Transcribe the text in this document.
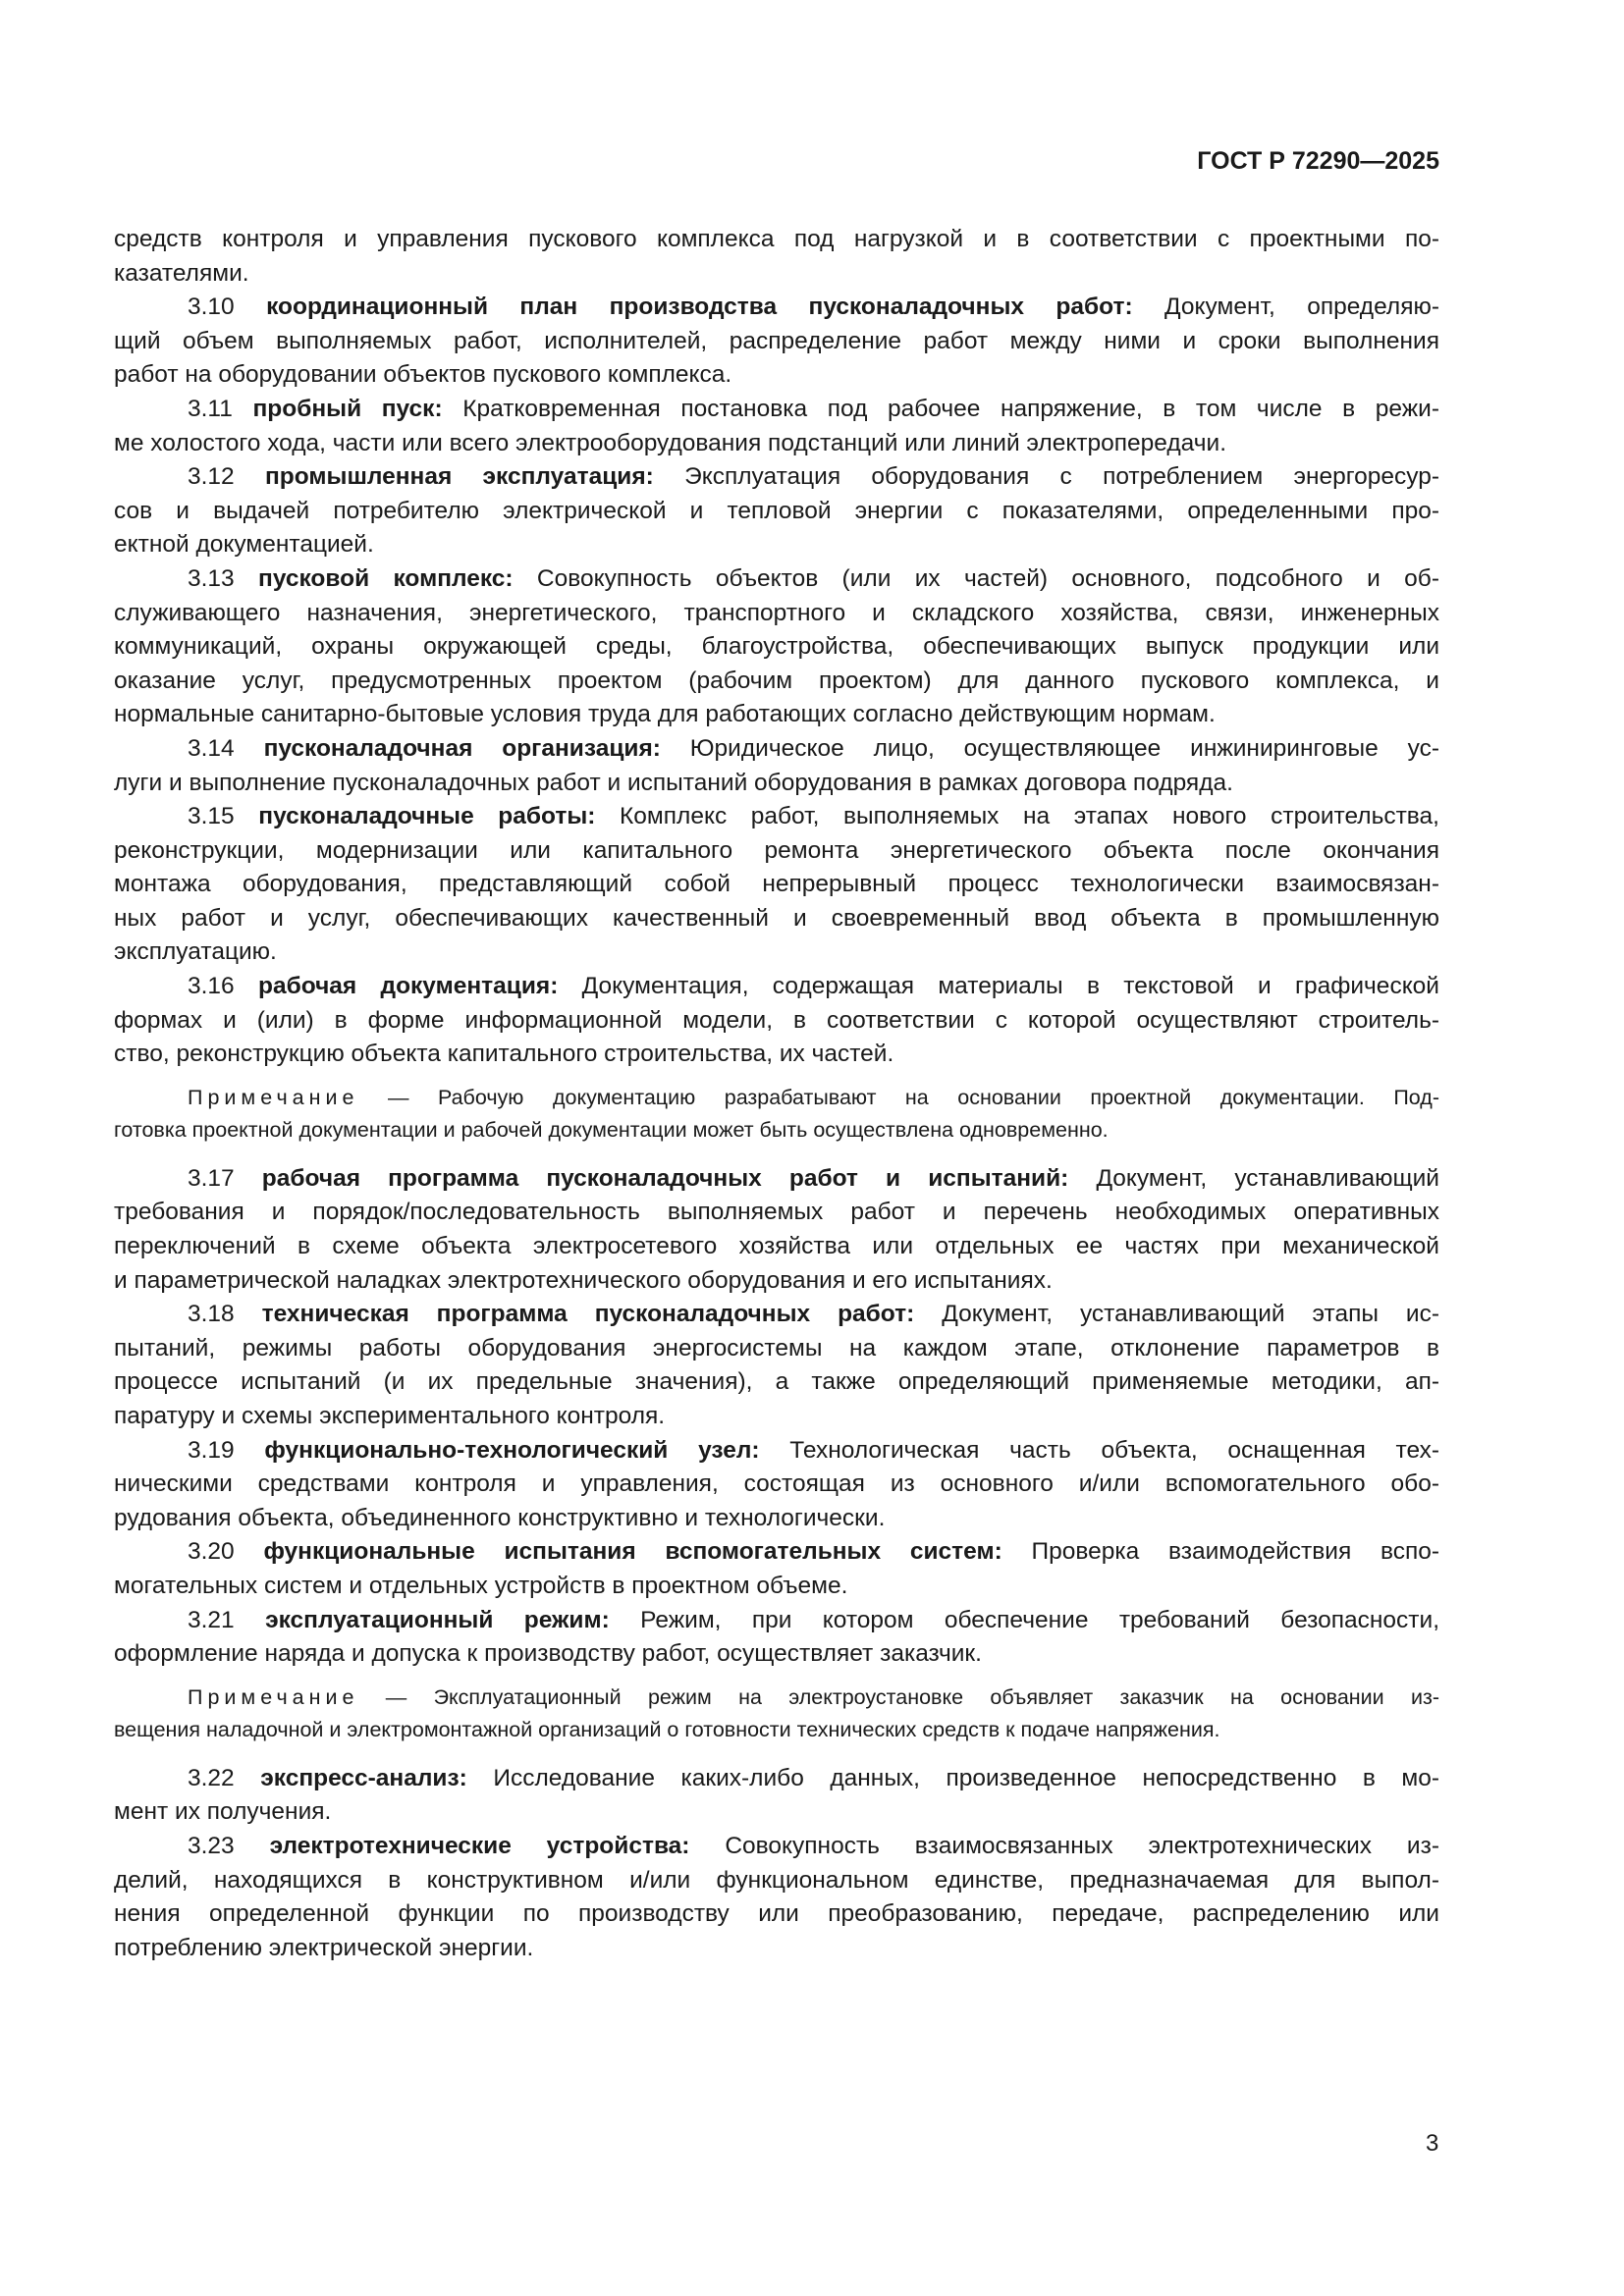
ГОСТ Р 72290—2025
средств контроля и управления пускового комплекса под нагрузкой и в соответствии с проектными по-
казателями.
3.10 координационный план производства пусконаладочных работ: Документ, определяю-
щий объем выполняемых работ, исполнителей, распределение работ между ними и сроки выполнения
работ на оборудовании объектов пускового комплекса.
3.11 пробный пуск: Кратковременная постановка под рабочее напряжение, в том числе в режи-
ме холостого хода, части или всего электрооборудования подстанций или линий электропередачи.
3.12 промышленная эксплуатация: Эксплуатация оборудования с потреблением энергоресур-
сов и выдачей потребителю электрической и тепловой энергии с показателями, определенными про-
ектной документацией.
3.13 пусковой комплекс: Совокупность объектов (или их частей) основного, подсобного и об-
служивающего назначения, энергетического, транспортного и складского хозяйства, связи, инженерных
коммуникаций, охраны окружающей среды, благоустройства, обеспечивающих выпуск продукции или
оказание услуг, предусмотренных проектом (рабочим проектом) для данного пускового комплекса, и
нормальные санитарно-бытовые условия труда для работающих согласно действующим нормам.
3.14 пусконаладочная организация: Юридическое лицо, осуществляющее инжиниринговые ус-
луги и выполнение пусконаладочных работ и испытаний оборудования в рамках договора подряда.
3.15 пусконаладочные работы: Комплекс работ, выполняемых на этапах нового строительства,
реконструкции, модернизации или капитального ремонта энергетического объекта после окончания
монтажа оборудования, представляющий собой непрерывный процесс технологически взаимосвязан-
ных работ и услуг, обеспечивающих качественный и своевременный ввод объекта в промышленную
эксплуатацию.
3.16 рабочая документация: Документация, содержащая материалы в текстовой и графической
формах и (или) в форме информационной модели, в соответствии с которой осуществляют строитель-
ство, реконструкцию объекта капитального строительства, их частей.
Примечание — Рабочую документацию разрабатывают на основании проектной документации. Под-
готовка проектной документации и рабочей документации может быть осуществлена одновременно.
3.17 рабочая программа пусконаладочных работ и испытаний: Документ, устанавливающий
требования и порядок/последовательность выполняемых работ и перечень необходимых оперативных
переключений в схеме объекта электросетевого хозяйства или отдельных ее частях при механической
и параметрической наладках электротехнического оборудования и его испытаниях.
3.18 техническая программа пусконаладочных работ: Документ, устанавливающий этапы ис-
пытаний, режимы работы оборудования энергосистемы на каждом этапе, отклонение параметров в
процессе испытаний (и их предельные значения), а также определяющий применяемые методики, ап-
паратуру и схемы экспериментального контроля.
3.19 функционально-технологический узел: Технологическая часть объекта, оснащенная тех-
ническими средствами контроля и управления, состоящая из основного и/или вспомогательного обо-
рудования объекта, объединенного конструктивно и технологически.
3.20 функциональные испытания вспомогательных систем: Проверка взаимодействия вспо-
могательных систем и отдельных устройств в проектном объеме.
3.21 эксплуатационный режим: Режим, при котором обеспечение требований безопасности,
оформление наряда и допуска к производству работ, осуществляет заказчик.
Примечание — Эксплуатационный режим на электроустановке объявляет заказчик на основании из-
вещения наладочной и электромонтажной организаций о готовности технических средств к подаче напряжения.
3.22 экспресс-анализ: Исследование каких-либо данных, произведенное непосредственно в мо-
мент их получения.
3.23 электротехнические устройства: Совокупность взаимосвязанных электротехнических из-
делий, находящихся в конструктивном и/или функциональном единстве, предназначаемая для выпол-
нения определенной функции по производству или преобразованию, передаче, распределению или
потреблению электрической энергии.
3
